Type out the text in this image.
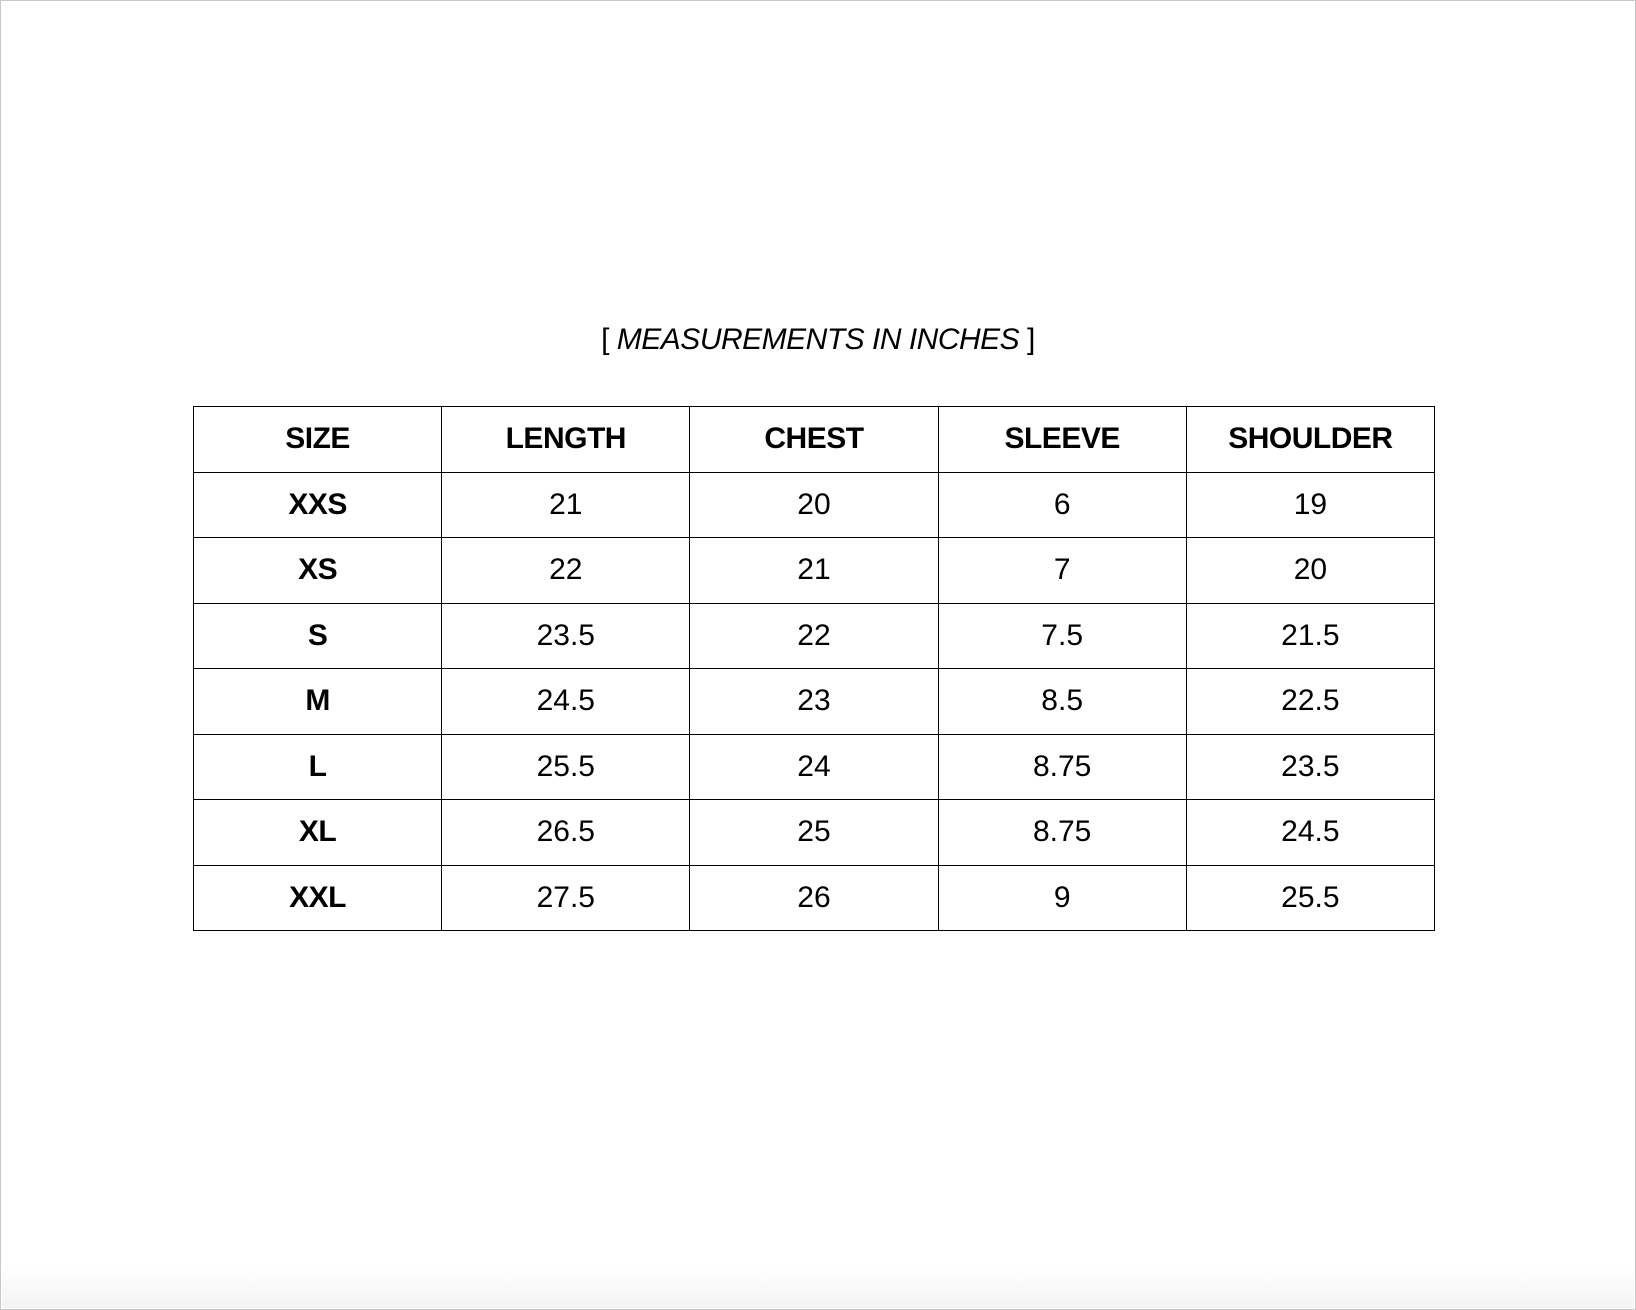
[ MEASUREMENTS IN INCHES ]
SIZE	LENGTH	CHEST	SLEEVE	SHOULDER
XXS	21	20	6	19
XS	22	21	7	20
S	23.5	22	7.5	21.5
M	24.5	23	8.5	22.5
L	25.5	24	8.75	23.5
XL	26.5	25	8.75	24.5
XXL	27.5	26	9	25.5
